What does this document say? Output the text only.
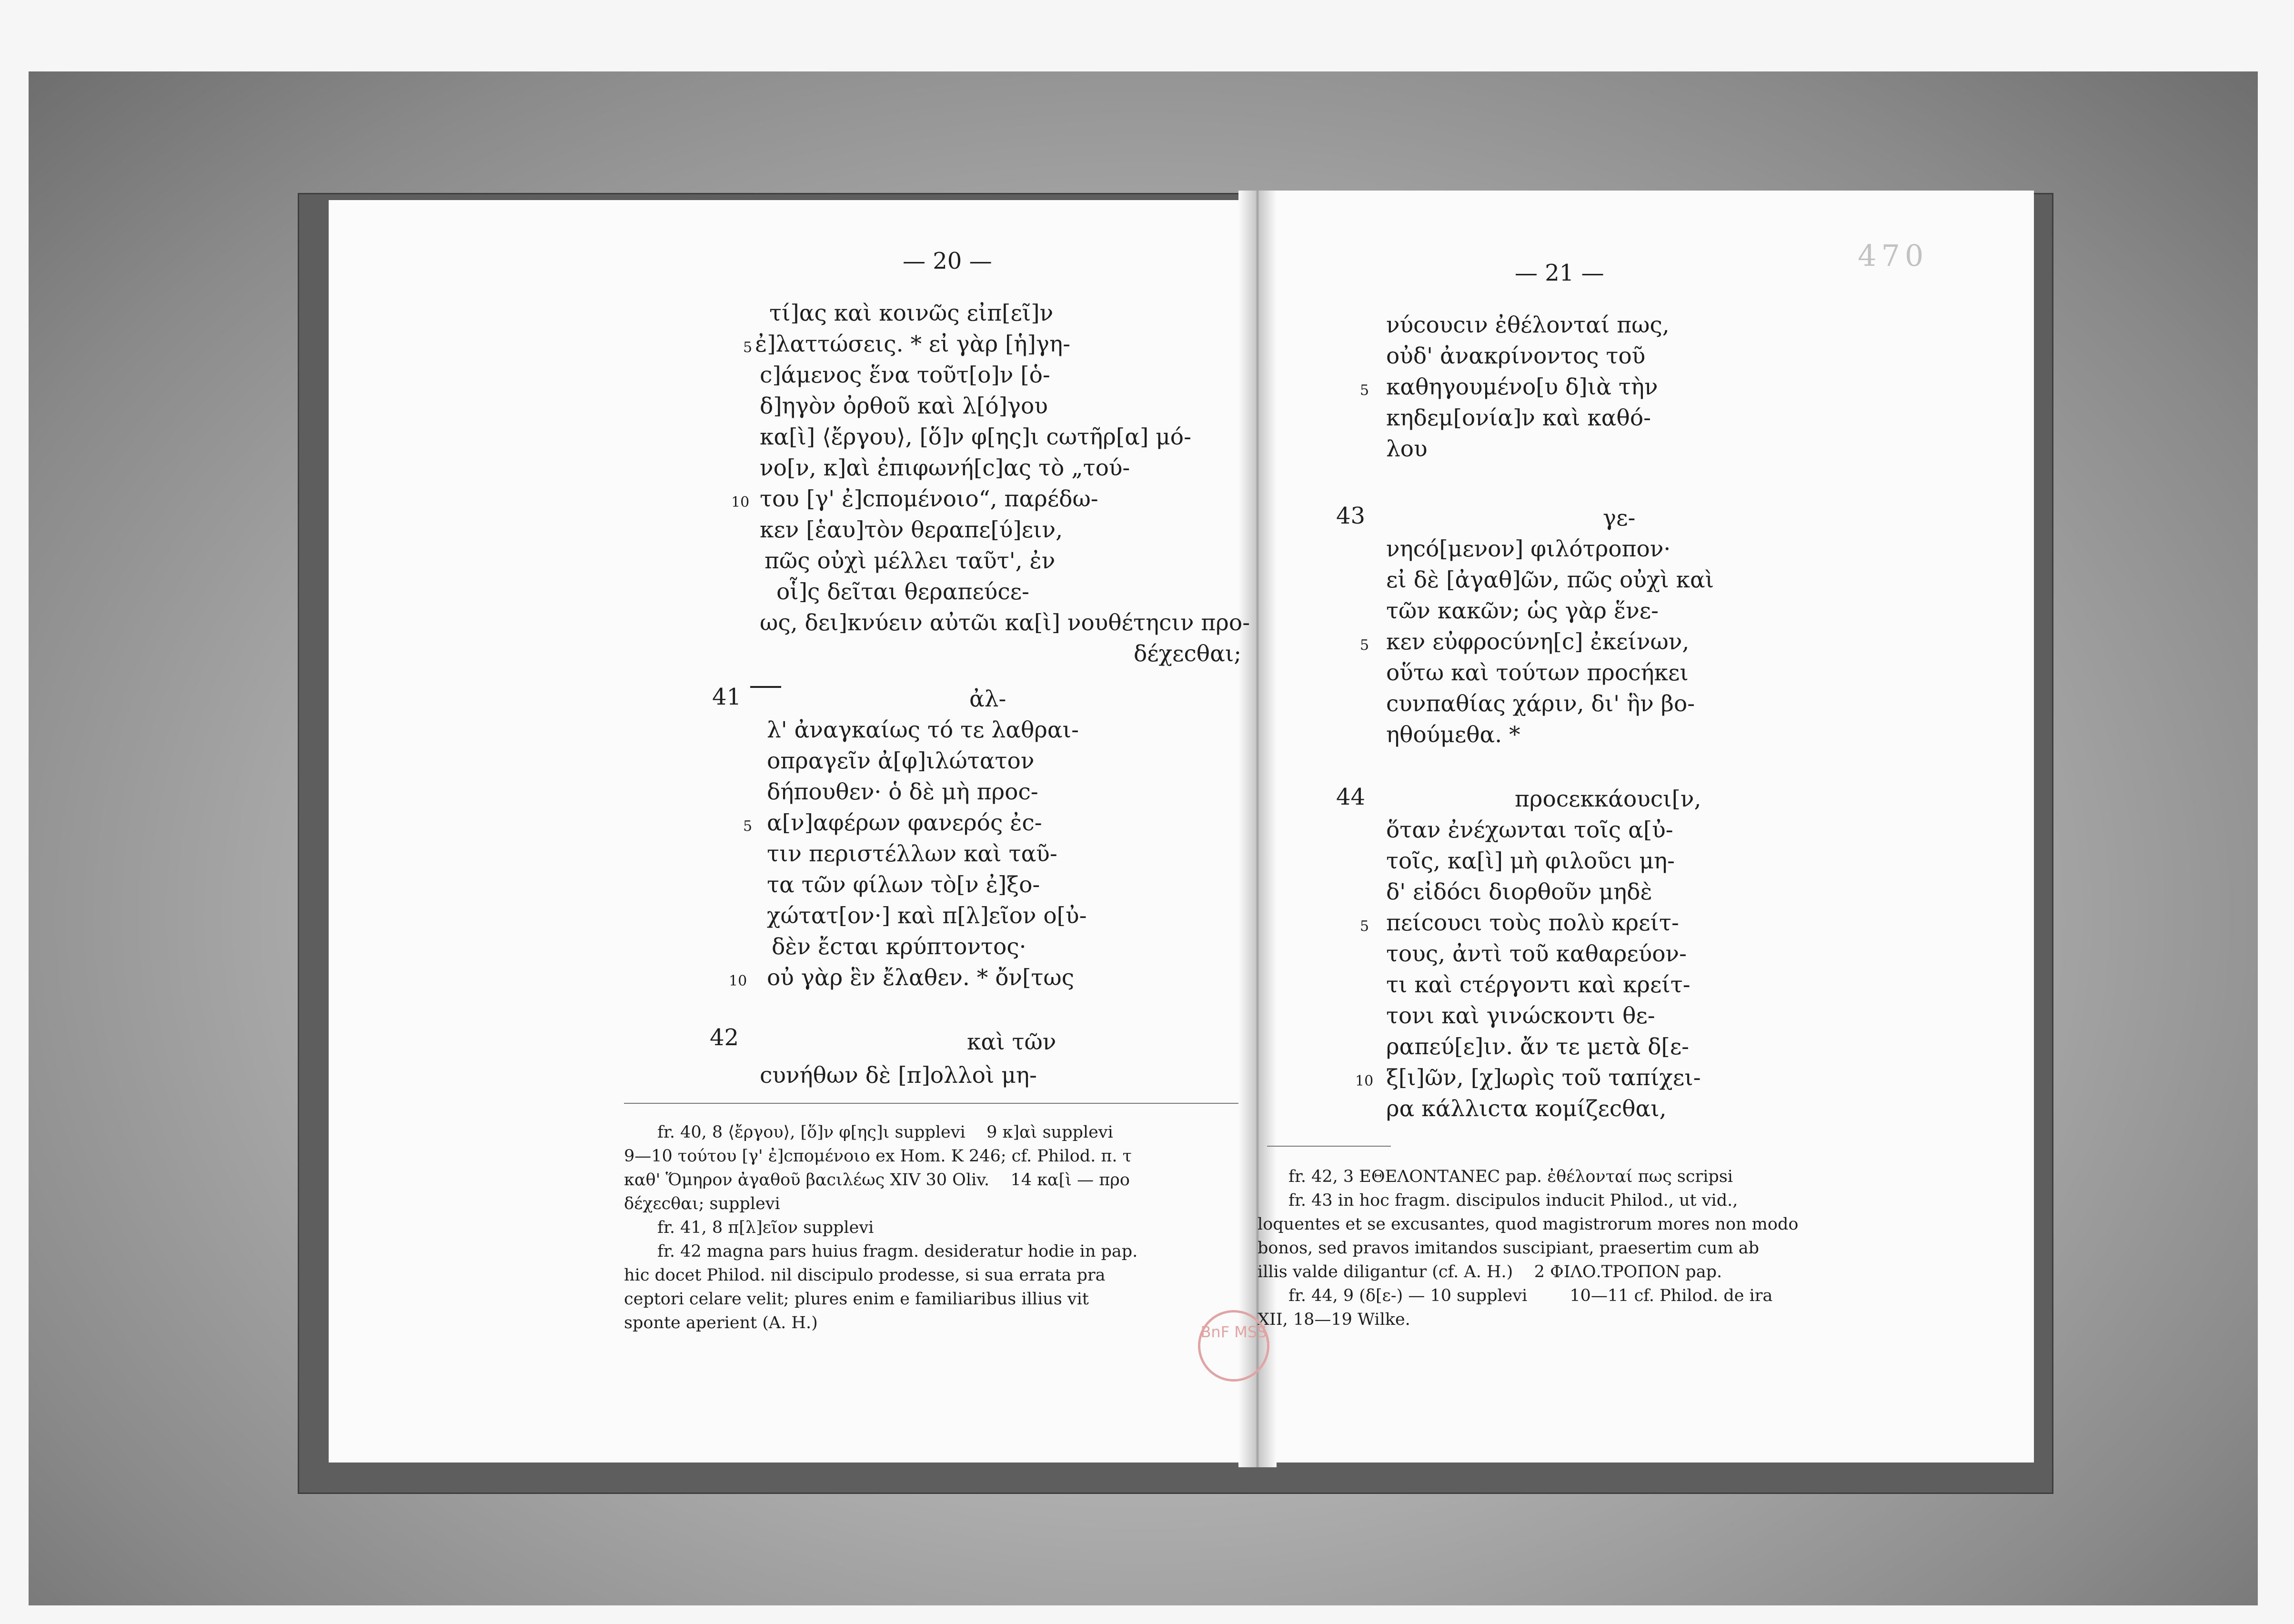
— 20 —	— 21 —	470
τί]ας καὶ κοινῶς εἰπ[εῖ]ν
ἐ]λαττώσεις. * εἰ γὰρ [ἡ]γη-
c]άμενος ἕνα τοῦτ[ο]ν [ὁ-
δ]ηγὸν ὀρθοῦ καὶ λ[ό]γου
κα[ὶ] ⟨ἔργου⟩, [ὅ]ν φ[ης]ι cωτῆρ[α] μό-
νο[ν, κ]αὶ ἐπιφωνή[c]ας τὸ „τού-
του [γ' ἐ]cπομένοιο“, παρέδω-
κεν [ἑαυ]τὸν θεραπε[ύ]ειν,
πῶς οὐχὶ μέλλει ταῦτ', ἐν
οἷ]ς δεῖται θεραπεύcε-
ως, δει]κνύειν αὐτῶι κα[ὶ] νουθέτηcιν προ-
δέχεcθαι;
5
10
41	ἀλ-
λ' ἀναγκαίως τό τε λαθραι-
οπραγεῖν ἀ[φ]ιλώτατον
δήπουθεν· ὁ δὲ μὴ προc-
α[ν]αφέρων φανερός ἐc-
τιν περιστέλλων καὶ ταῦ-
τα τῶν φίλων τὸ[ν ἐ]ξο-
χώτατ[ον·] καὶ π[λ]εῖον ο[ὐ-
δὲν ἔcται κρύπτοντος·
οὐ γὰρ ἓν ἔλαθεν. * ὄν[τως
5
10
42	καὶ τῶν
cυνήθων δὲ [π]ολλοὶ μη-
fr. 40, 8 ⟨ἔργου⟩, [ὅ]ν φ[ης]ι supplevi    9 κ]αὶ supplevi
9—10 τούτου [γ' ἐ]cπομένοιο ex Hom. K 246; cf. Philod. π. τ
καθ' Ὅμηρον ἀγαθοῦ βαcιλέως XIV 30 Oliv.    14 κα[ὶ — προ
δέχεcθαι; supplevi
fr. 41, 8 π[λ]εῖον supplevi
fr. 42 magna pars huius fragm. desideratur hodie in pap.
hic docet Philod. nil discipulo prodesse, si sua errata pra
ceptori celare velit; plures enim e familiaribus illius vit
sponte aperient (A. H.)
νύcουcιν ἐθέλονταί πως,
οὐδ' ἀνακρίνοντος τοῦ
καθηγουμένο[υ δ]ιὰ τὴν
κηδεμ[ονία]ν καὶ καθό-
λου
5
43	γε-
νηcό[μενον] φιλότροπον·
εἰ δὲ [ἀγαθ]ῶν, πῶς οὐχὶ καὶ
τῶν κακῶν; ὡς γὰρ ἕνε-
κεν εὐφροcύνη[c] ἐκείνων,
οὕτω καὶ τούτων προcήκει
cυνπαθίας χάριν, δι' ἣν βο-
ηθούμεθα. *
5
44	προcεκκάουcι[ν,
ὅταν ἐνέχωνται τοῖς α[ὐ-
τοῖς, κα[ὶ] μὴ φιλοῦcι μη-
δ' εἰδόcι διορθοῦν μηδὲ
πείcουcι τοὺς πολὺ κρείτ-
τους, ἀντὶ τοῦ καθαρεύον-
τι καὶ cτέργοντι καὶ κρείτ-
τονι καὶ γινώcκοντι θε-
ραπεύ[ε]ιν. ἄν τε μετὰ δ[ε-
ξ[ι]ῶν, [χ]ωρὶς τοῦ ταπίχει-
ρα κάλλιcτα κομίζεcθαι,
5
10
fr. 42, 3 ΕΘΕΛΟΝΤΑΝΕϹ pap. ἐθέλονταί πως scripsi
fr. 43 in hoc fragm. discipulos inducit Philod., ut vid.,
loquentes et se excusantes, quod magistrorum mores non modo
bonos, sed pravos imitandos suscipiant, praesertim cum ab
illis valde diligantur (cf. A. H.)    2 ΦΙΛΟ.ΤΡΟΠΟΝ pap.
fr. 44, 9 (δ[ε-) — 10 supplevi        10—11 cf. Philod. de ira
XII, 18—19 Wilke.
BnF MSS
